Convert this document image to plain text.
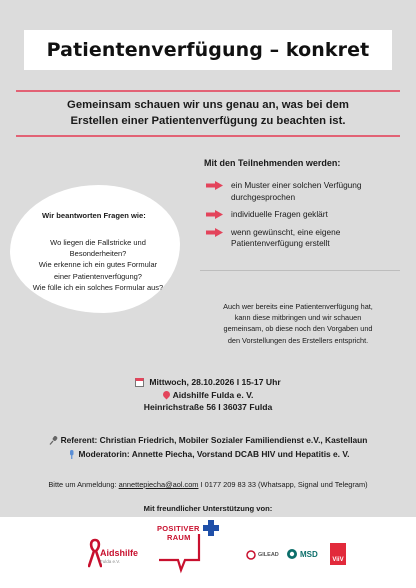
Patientenverfügung – konkret
Gemeinsam schauen wir uns genau an, was bei dem
Erstellen einer Patientenverfügung zu beachten ist.
Mit den Teilnehmenden werden:
ein Muster einer solchen Verfügung
durchgesprochen
individuelle Fragen geklärt
wenn gewünscht, eine eigene
Patientenverfügung erstellt
Wir beantworten Fragen wie:
Wo liegen die Fallstricke und
Besonderheiten?
Wie erkenne ich ein gutes Formular
einer Patientenverfügung?
Wie fülle ich ein solches Formular aus?
Auch wer bereits eine Patientenverfügung hat,
kann diese mitbringen und wir schauen
gemeinsam, ob diese noch den Vorgaben und
den Vorstellungen des Erstellers entspricht.
Mittwoch, 28.10.2026 I 15-17 Uhr
Aidshilfe Fulda e. V.
Heinrichstraße 56 I 36037 Fulda
Referent: Christian Friedrich, Mobiler Sozialer Familiendienst e.V., Kastellaun
Moderatorin: Annette Piecha, Vorstand DCAB HIV und Hepatitis e. V.
Bitte um Anmeldung: annettepiecha@aol.com I 0177 209 83 33 (Whatsapp, Signal und Telegram)
Mit freundlicher Unterstützung von:
Aidshilfe
Fulda e.V.
POSITIVER
RAUM
GILEAD	MSD
ViiV
